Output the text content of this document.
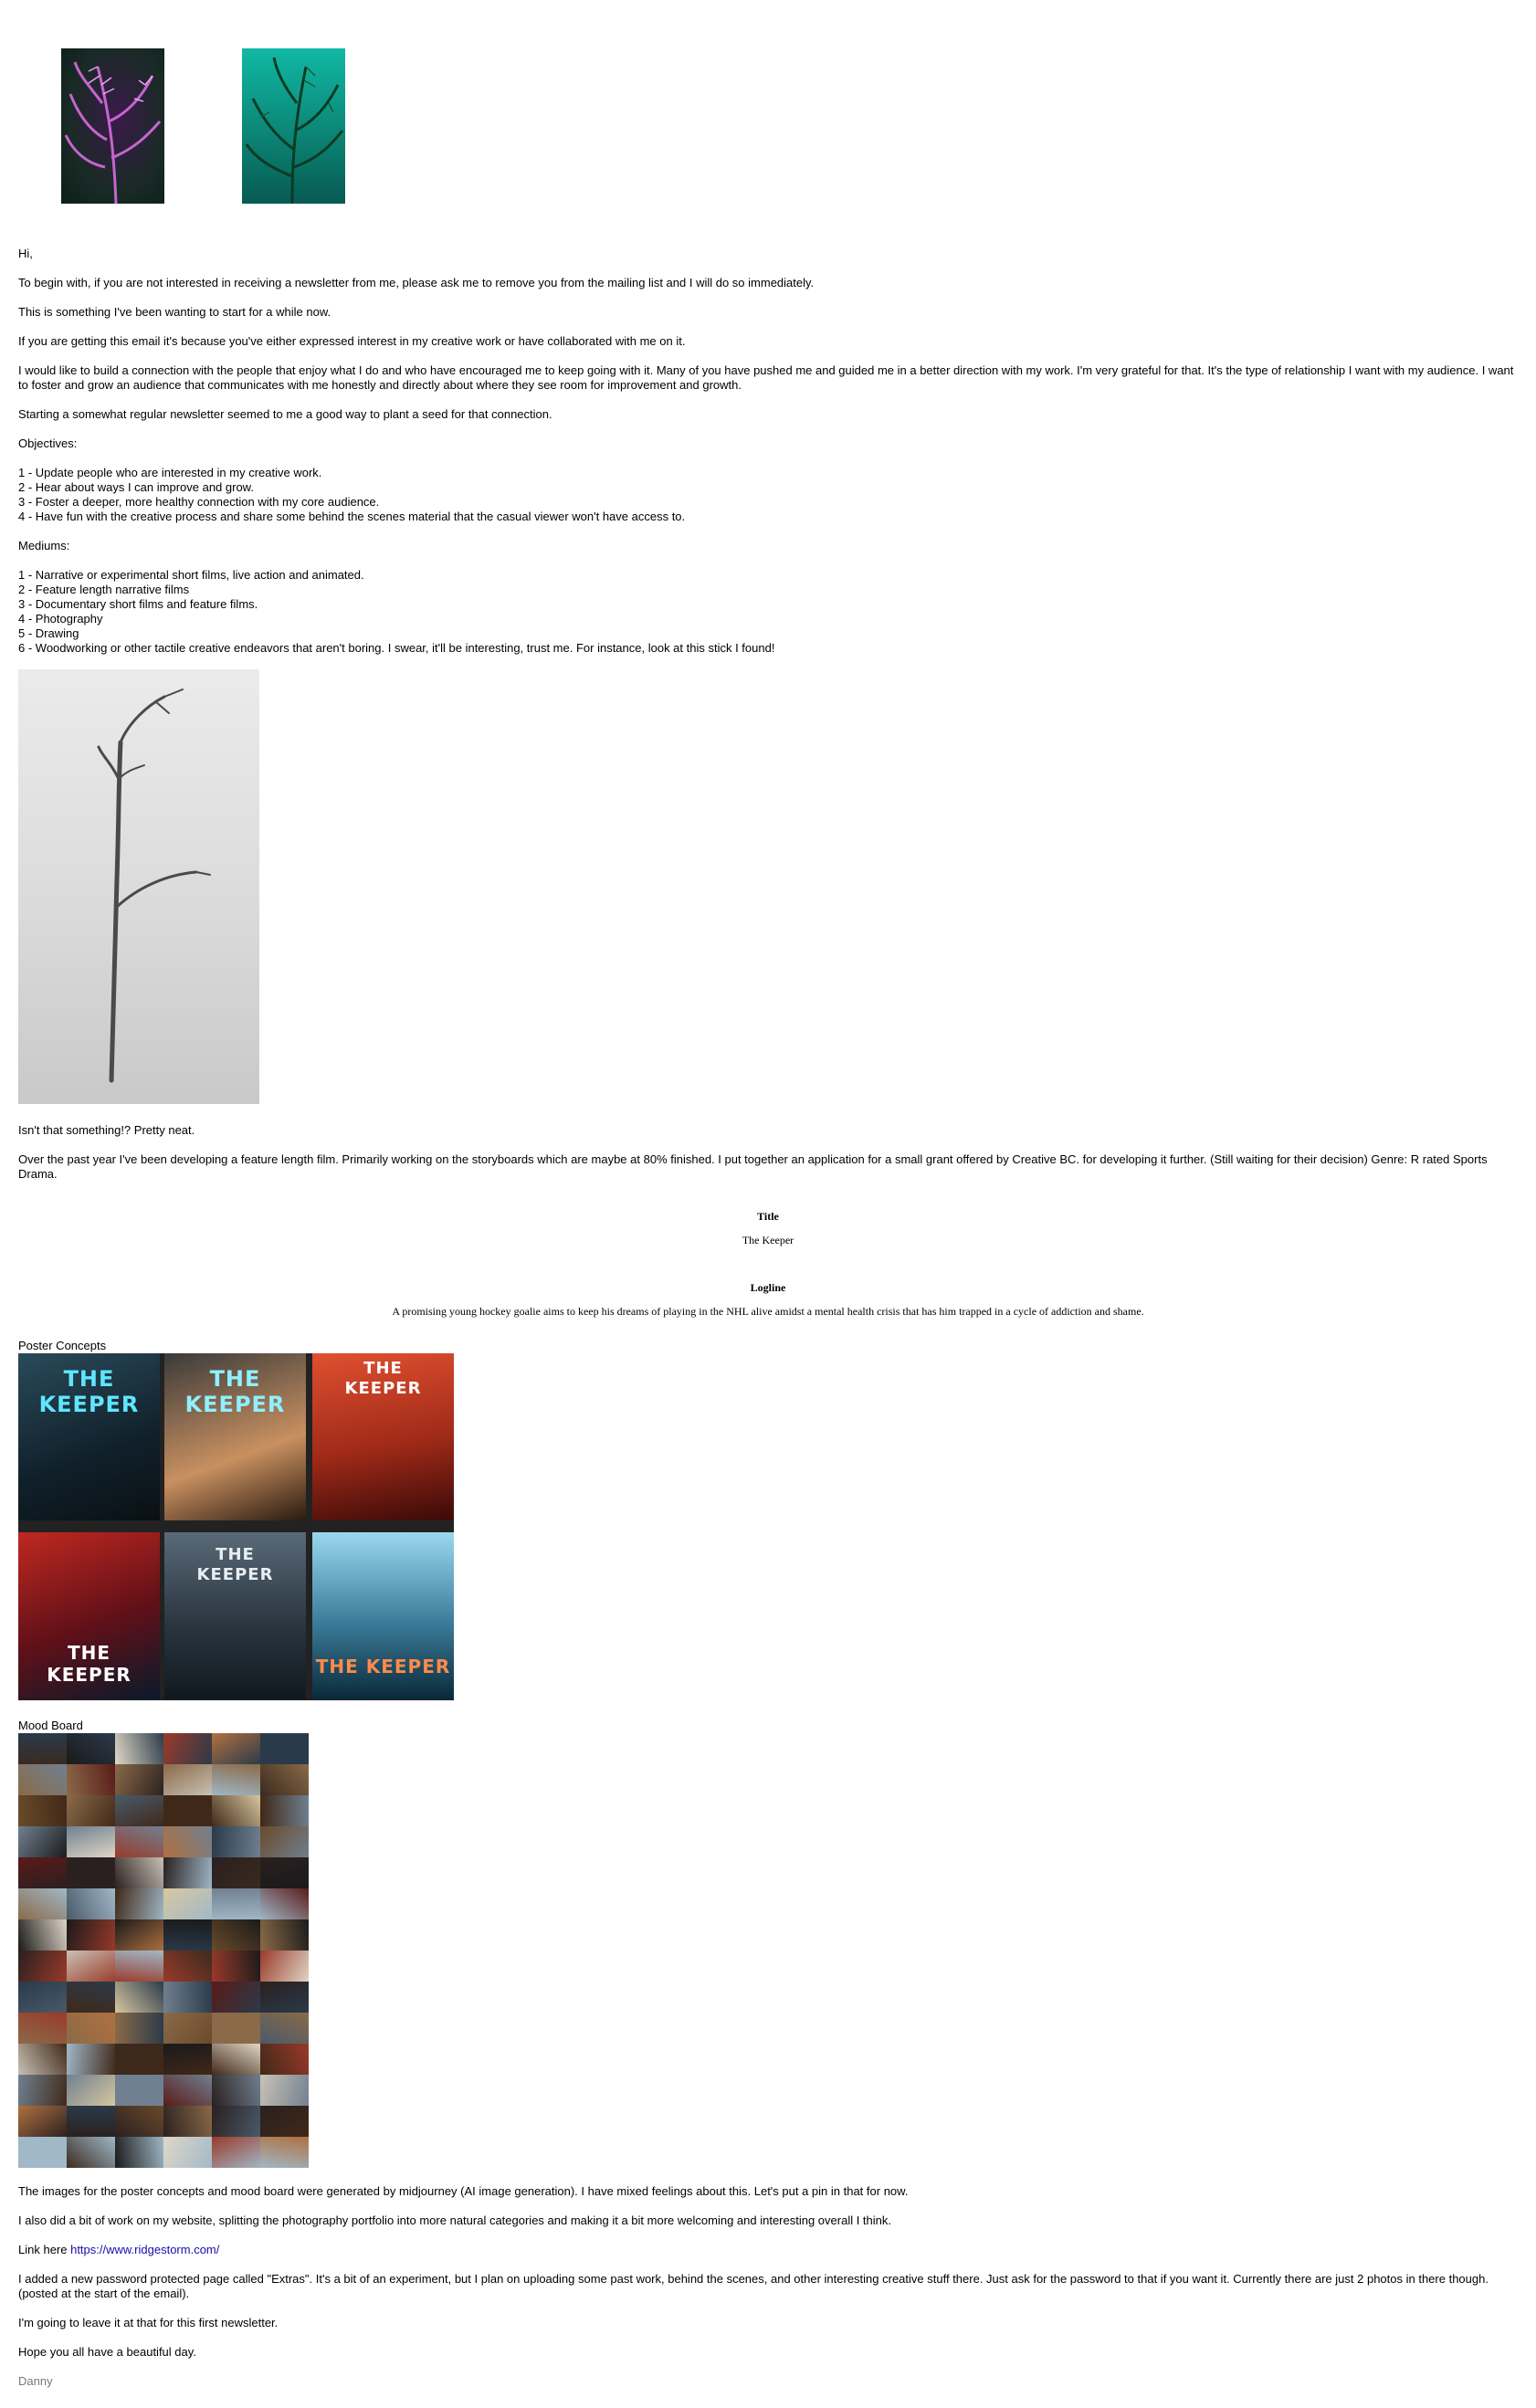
Hi,

To begin with, if you are not interested in receiving a newsletter from me, please ask me to remove you from the mailing list and I will do so immediately.

This is something I've been wanting to start for a while now.

If you are getting this email it's because you've either expressed interest in my creative work or have collaborated with me on it.

I would like to build a connection with the people that enjoy what I do and who have encouraged me to keep going with it. Many of you have pushed me and guided me in a better direction with my work. I'm very grateful for that. It's the type of relationship I want with my audience. I want to foster and grow an audience that communicates with me honestly and directly about where they see room for improvement and growth.

Starting a somewhat regular newsletter seemed to me a good way to plant a seed for that connection.

Objectives:

1 - Update people who are interested in my creative work.

2 - Hear about ways I can improve and grow.

3 - Foster a deeper, more healthy connection with my core audience.

4 - Have fun with the creative process and share some behind the scenes material that the casual viewer won't have access to.

Mediums:

1 - Narrative or experimental short films, live action and animated.

2 - Feature length narrative films

3 - Documentary short films and feature films.

4 - Photography

5 - Drawing

6 - Woodworking or other tactile creative endeavors that aren't boring. I swear, it'll be interesting, trust me. For instance, look at this stick I found!

Isn't that something!? Pretty neat.

Over the past year I've been developing a feature length film. Primarily working on the storyboards which are maybe at 80% finished. I put together an application for a small grant offered by Creative BC. for developing it further. (Still waiting for their decision) Genre: R rated Sports Drama.

Title

The Keeper

Logline

A promising young hockey goalie aims to keep his dreams of playing in the NHL alive amidst a mental health crisis that has him trapped in a cycle of addiction and shame.

Poster Concepts

THE KEEPER
THE KEEPER
THE KEEPER
THE KEEPER
THE KEEPER
THE KEEPER

Mood Board

The images for the poster concepts and mood board were generated by midjourney (AI image generation). I have mixed feelings about this. Let's put a pin in that for now.

I also did a bit of work on my website, splitting the photography portfolio into more natural categories and making it a bit more welcoming and interesting overall I think.

Link here https://www.ridgestorm.com/

I added a new password protected page called "Extras". It's a bit of an experiment, but I plan on uploading some past work, behind the scenes, and other interesting creative stuff there. Just ask for the password to that if you want it. Currently there are just 2 photos in there though. (posted at the start of the email).

I'm going to leave it at that for this first newsletter.

Hope you all have a beautiful day.

Danny
